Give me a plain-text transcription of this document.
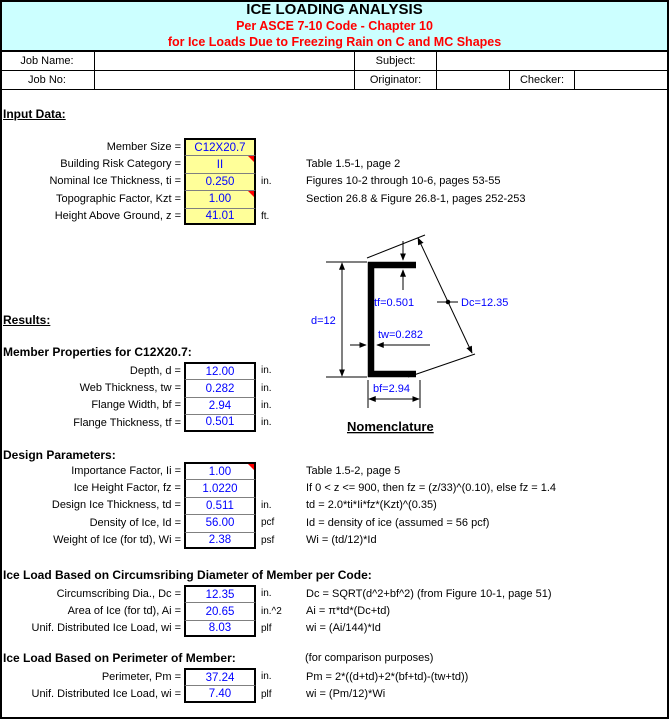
ICE LOADING ANALYSIS
Per ASCE 7-10 Code - Chapter 10
for Ice Loads Due to Freezing Rain on C and MC Shapes
Job Name:	Subject:
Job No:	Originator:	Checker:
Input Data:
Results:
Member Properties for C12X20.7:
Design Parameters:
Ice Load Based on Circumsribing Diameter of Member per Code:
Ice Load Based on Perimeter of Member:	(for comparison purposes)
Member Size = C12X20.7
Building Risk Category =	II	Table 1.5-1, page 2
Nominal Ice Thickness, ti = 0.250	in.	Figures 10-2 through 10-6, pages 53-55
Topographic Factor, Kzt = 1.00	Section 26.8 & Figure 26.8-1, pages 252-253
Height Above Ground, z = 41.01	ft.
Depth, d = 12.00	in.
Web Thickness, tw = 0.282	in.
Flange Width, bf = 2.94	in.
Flange Thickness, tf = 0.501	in.
Importance Factor, Ii = 1.00	Table 1.5-2, page 5
Ice Height Factor, fz = 1.0220	If 0 < z <= 900, then fz = (z/33)^(0.10), else fz = 1.4
Design Ice Thickness, td = 0.511	in.	td = 2.0*ti*Ii*fz*(Kzt)^(0.35)
Density of Ice, Id = 56.00	pcf	Id = density of ice (assumed = 56 pcf)
Weight of Ice (for td), Wi = 2.38	psf	Wi = (td/12)*Id
Circumscribing Dia., Dc = 12.35	in.	Dc = SQRT(d^2+bf^2) (from Figure 10-1, page 51)
Area of Ice (for td), Ai = 20.65	in.^2	Ai = π*td*(Dc+td)
Unif. Distributed Ice Load, wi = 8.03	plf	wi = (Ai/144)*Id
Perimeter, Pm = 37.24	in.	Pm = 2*((d+td)+2*(bf+td)-(tw+td))
Unif. Distributed Ice Load, wi = 7.40	plf	wi = (Pm/12)*Wi
d=12
tf=0.501
tw=0.282
Dc=12.35
bf=2.94
Nomenclature
